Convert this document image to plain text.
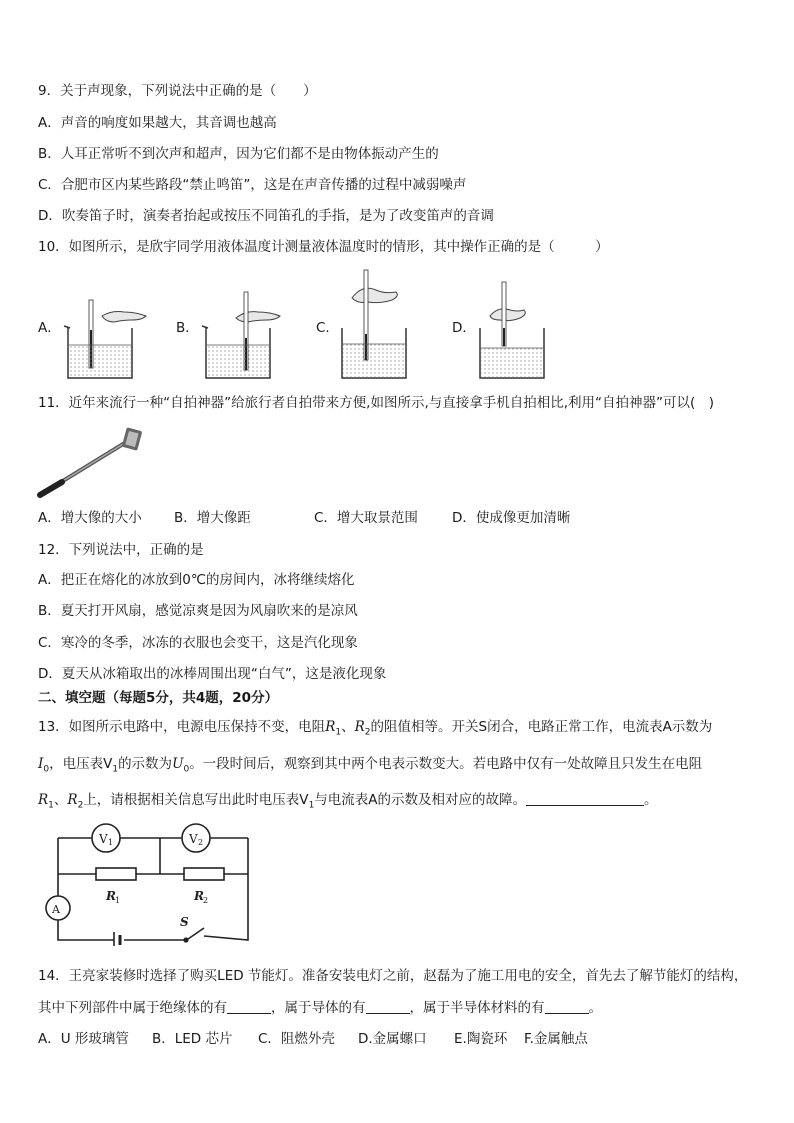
9．关于声现象，下列说法中正确的是（　　）
A．声音的响度如果越大，其音调也越高
B．人耳正常听不到次声和超声，因为它们都不是由物体振动产生的
C．合肥市区内某些路段“禁止鸣笛”，这是在声音传播的过程中减弱噪声
D．吹奏笛子时，演奏者抬起或按压不同笛孔的手指，是为了改变笛声的音调
10．如图所示，是欣宇同学用液体温度计测量液体温度时的情形，其中操作正确的是（　　　）
A．	B．	C．	D．
11．近年来流行一种“自拍神器”给旅行者自拍带来方便,如图所示,与直接拿手机自拍相比,利用“自拍神器”可以(　)
A．增大像的大小 B．增大像距	C．增大取景范围	D．使成像更加清晰
12．下列说法中，正确的是
A．把正在熔化的冰放到0℃的房间内，冰将继续熔化
B．夏天打开风扇，感觉凉爽是因为风扇吹来的是凉风
C．寒冷的冬季，冰冻的衣服也会变干，这是汽化现象
D．夏天从冰箱取出的冰棒周围出现“白气”，这是液化现象
二、填空题（每题5分，共4题，20分）
13．如图所示电路中，电源电压保持不变，电阻$R_1$、$R_2$的阻值相等。开关S闭合，电路正常工作，电流表A示数为
$I_0$，电压表$V_1$的示数为$U_0$。一段时间后，观察到其中两个电表示数变大。若电路中仅有一处故障且只发生在电阻
$R_1$、$R_2$上，请根据相关信息写出此时电压表$V_1$与电流表A的示数及相对应的故障。	。
V 1	V 2
A
R 1	R 2
S
14．王亮家装修时选择了购买LED 节能灯。准备安装电灯之前，赵磊为了施工用电的安全，首先去了解节能灯的结构，
其中下列部件中属于绝缘体的有	，属于导体的有	，属于半导体材料的有	。
A．U 形玻璃管 B．LED 芯片 C．阻燃外壳 D.金属螺口 E.陶瓷环 F.金属触点
